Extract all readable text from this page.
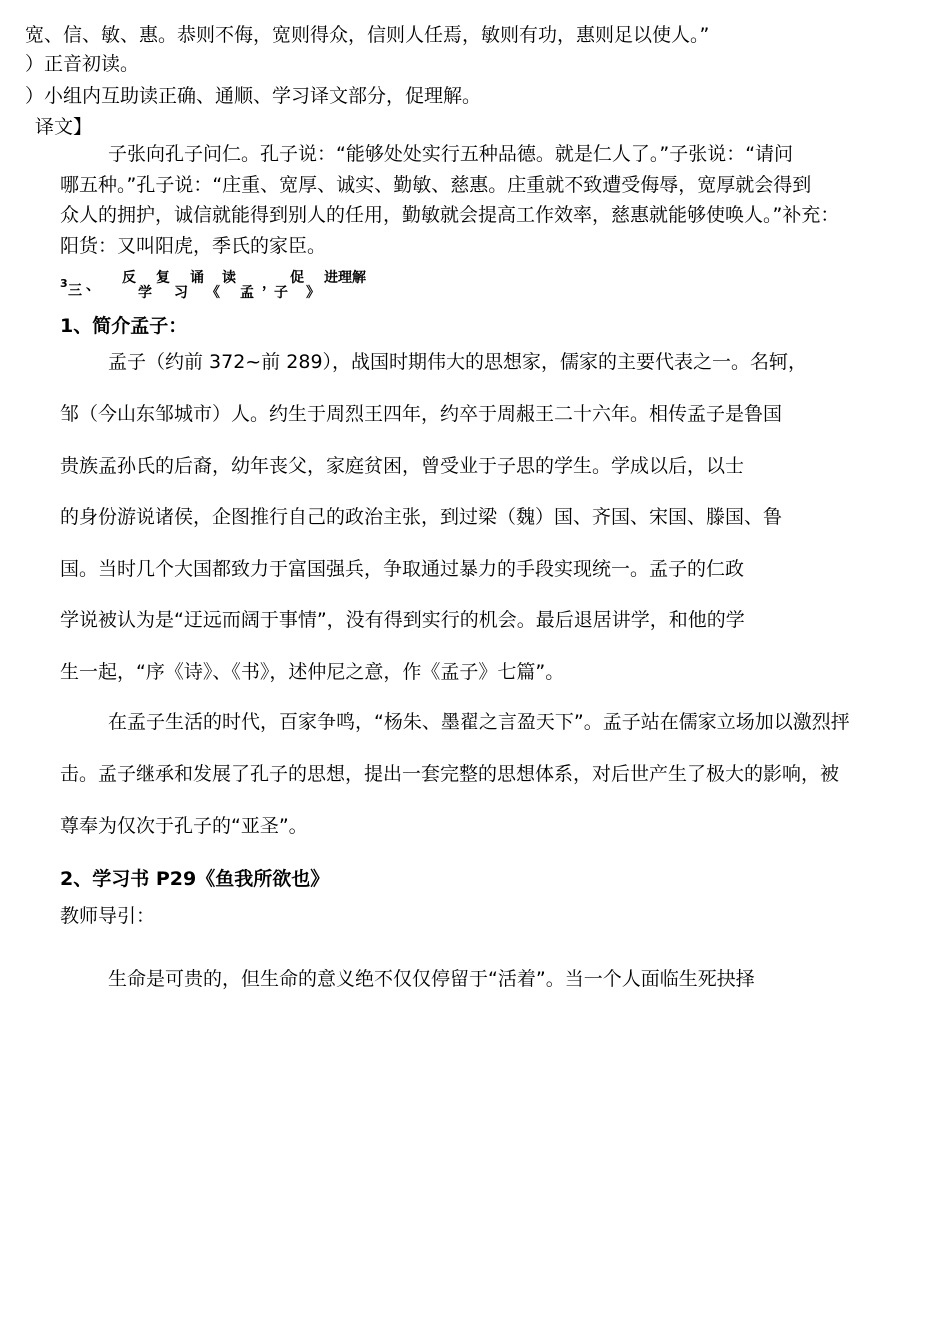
宽、信、敏、惠。恭则不侮，宽则得众，信则人任焉，敏则有功，惠则足以使人。”
）正音初读。
）小组内互助读正确、通顺、学习译文部分，促理解。
译文】
子张向孔子问仁。孔子说：“能够处处实行五种品德。就是仁人了。”子张说：“请问
哪五种。”孔子说：“庄重、宽厚、诚实、勤敏、慈惠。庄重就不致遭受侮辱，宽厚就会得到
众人的拥护，诚信就能得到别人的任用，勤敏就会提高工作效率，慈惠就能够使唤人。”补充：
阳货：又叫阳虎，季氏的家臣。
3 三 、 反
学
复
习
诵
《
读
孟
，
子
促
》
进理解
1、简介孟子：
孟子（约前 372~前 289），战国时期伟大的思想家，儒家的主要代表之一。名轲，
邹（今山东邹城市）人。约生于周烈王四年，约卒于周赧王二十六年。相传孟子是鲁国
贵族孟孙氏的后裔，幼年丧父，家庭贫困，曾受业于子思的学生。学成以后，以士
的身份游说诸侯，企图推行自己的政治主张，到过梁（魏）国、齐国、宋国、滕国、鲁
国。当时几个大国都致力于富国强兵，争取通过暴力的手段实现统一。孟子的仁政
学说被认为是“迂远而阔于事情”，没有得到实行的机会。最后退居讲学，和他的学
生一起，“序《诗》、《书》，述仲尼之意，作《孟子》七篇”。
在孟子生活的时代，百家争鸣，“杨朱、墨翟之言盈天下”。孟子站在儒家立场加以激烈抨
击。孟子继承和发展了孔子的思想，提出一套完整的思想体系，对后世产生了极大的影响，被
尊奉为仅次于孔子的“亚圣”。
2、学习书 P29《鱼我所欲也》
教师导引：
生命是可贵的，但生命的意义绝不仅仅停留于“活着”。当一个人面临生死抉择
